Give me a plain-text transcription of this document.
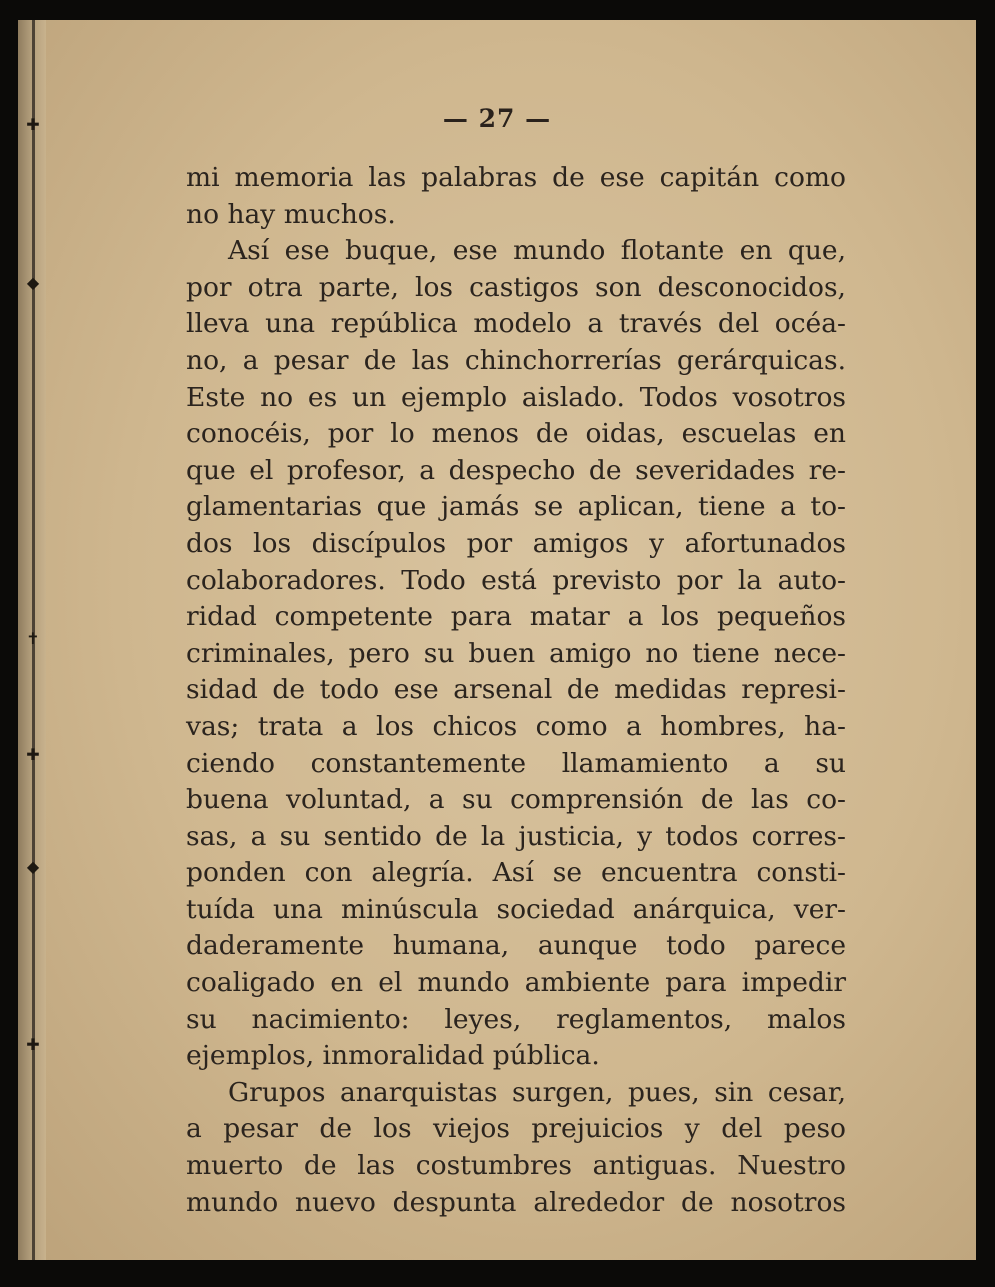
✚
◆
✝
✚
◆
✚
— 27 —
mi memoria las palabras de ese capitán como
no hay muchos.
Así ese buque, ese mundo flotante en que,
por otra parte, los castigos son desconocidos,
lleva una república modelo a través del océa-
no, a pesar de las chinchorrerías gerárquicas.
Este no es un ejemplo aislado. Todos vosotros
conocéis, por lo menos de oidas, escuelas en
que el profesor, a despecho de severidades re-
glamentarias que jamás se aplican, tiene a to-
dos los discípulos por amigos y afortunados
colaboradores. Todo está previsto por la auto-
ridad competente para matar a los pequeños
criminales, pero su buen amigo no tiene nece-
sidad de todo ese arsenal de medidas represi-
vas; trata a los chicos como a hombres, ha-
ciendo constantemente llamamiento a su
buena voluntad, a su comprensión de las co-
sas, a su sentido de la justicia, y todos corres-
ponden con alegría. Así se encuentra consti-
tuída una minúscula sociedad anárquica, ver-
daderamente humana, aunque todo parece
coaligado en el mundo ambiente para impedir
su nacimiento: leyes, reglamentos, malos
ejemplos, inmoralidad pública.
Grupos anarquistas surgen, pues, sin cesar,
a pesar de los viejos prejuicios y del peso
muerto de las costumbres antiguas. Nuestro
mundo nuevo despunta alrededor de nosotros
